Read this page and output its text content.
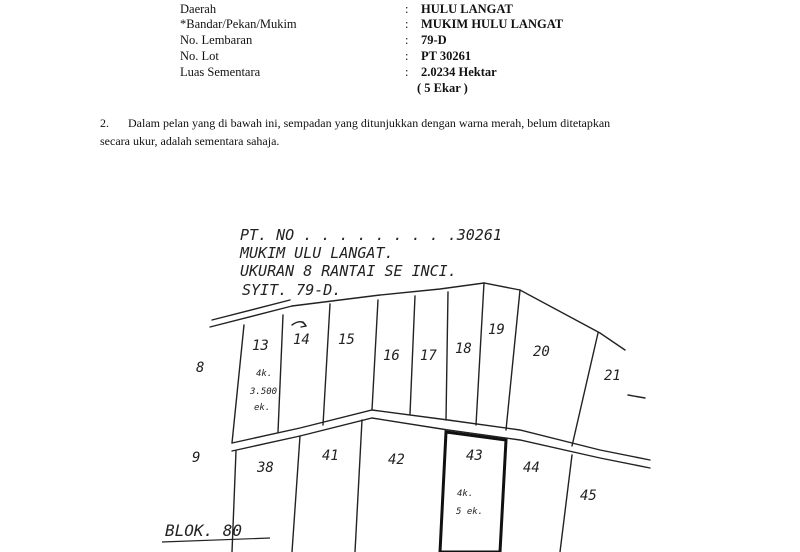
Daerah	: HULU LANGAT
*Bandar/Pekan/Mukim	: MUKIM HULU LANGAT
No. Lembaran	: 79-D
No. Lot	: PT 30261
Luas Sementara	: 2.0234 Hektar
( 5 Ekar )
2. Dalam pelan yang di bawah ini, sempadan yang ditunjukkan dengan warna merah, belum ditetapkan
secara ukur, adalah sementara sahaja.
PT. NO . . . . . . . . .30261
MUKIM ULU LANGAT.
UKURAN 8 RANTAI SE INCI.
SYIT. 79-D.
13 14 15
16 17 18
19
20
21
8
9
38
41	42	43
44
45
4k.
3.500
ek.
4k.
5 ek.
BLOK. 80
